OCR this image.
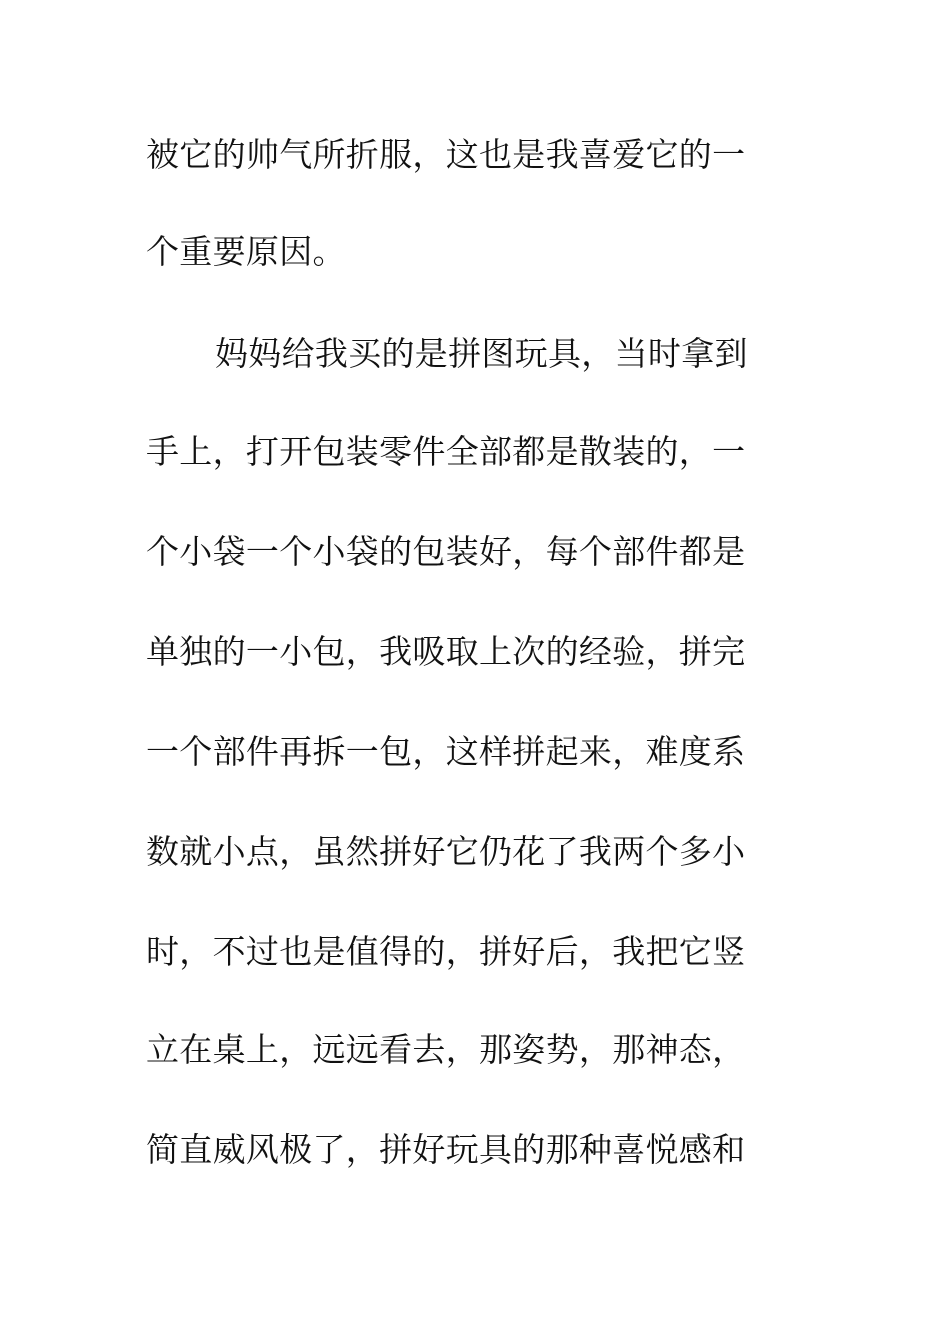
被它的帅气所折服，这也是我喜爱它的一
个重要原因。
妈妈给我买的是拼图玩具，当时拿到
手上，打开包装零件全部都是散装的，一
个小袋一个小袋的包装好，每个部件都是
单独的一小包，我吸取上次的经验，拼完
一个部件再拆一包，这样拼起来，难度系
数就小点，虽然拼好它仍花了我两个多小
时，不过也是值得的，拼好后，我把它竖
立在桌上，远远看去，那姿势，那神态，
简直威风极了，拼好玩具的那种喜悦感和
